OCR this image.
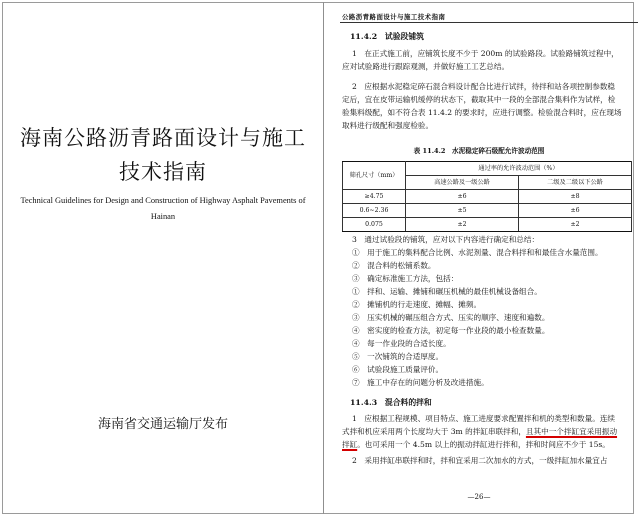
海南公路沥青路面设计与施工
技术指南
Technical Guidelines for Design and Construction of Highway Asphalt Pavements of
Hainan
海南省交通运输厅发布
公路沥青路面设计与施工技术指南
11.4.2　试验段铺筑
1　在正式施工前，应铺筑长度不少于 200m 的试验路段。试验路铺筑过程中，
应对试验路进行跟踪观测，并做好施工工艺总结。
2　应根据水泥稳定碎石混合料设计配合比进行试拌，待拌和站各项控制参数稳
定后，宜在皮带运输机缓停的状态下，截取其中一段的全部混合集料作为试样，检
验集料级配，如不符合表 11.4.2 的要求时，应进行调整。检验混合料时，应在现场
取料进行级配和强度检验。
表 11.4.2　水泥稳定碎石级配允许波动范围
筛孔尺寸（mm）	通过率的允许波动范围（%）	
	高速公路及一级公路	二级及二级以下公路
≥4.75	±6	±8
0.6~2.36	±5	±6
0.075	±2	±2
3　通过试验段的铺筑，应对以下内容进行确定和总结：
①　用于施工的集料配合比例、水泥剂量、混合料拌和和最佳含水量范围。
②　混合料的松铺系数。
③　确定标准施工方法，包括：
①　拌和、运输、摊铺和碾压机械的最佳机械设备组合。
②　摊铺机的行走速度、摊幅、摊频。
③　压实机械的碾压组合方式、压实的顺序、速度和遍数。
④　密实度的检查方法，初定每一作业段的最小检查数量。
④　每一作业段的合适长度。
⑤　一次铺筑的合适厚度。
⑥　试验段施工质量评价。
⑦　施工中存在的问题分析及改进措施。
11.4.3　混合料的拌和
1　应根据工程规模、项目特点、施工进度要求配置拌和机的类型和数量。连续
式拌和机应采用两个长度均大于 3m 的拌缸串联拌和，且其中一个拌缸宜采用振动
拌缸。也可采用一个 4.5m 以上的振动拌缸进行拌和，拌和时间应不少于 15s。
2　采用拌缸串联拌和时，拌和宜采用二次加水的方式，一级拌缸加水量宜占
—26—
